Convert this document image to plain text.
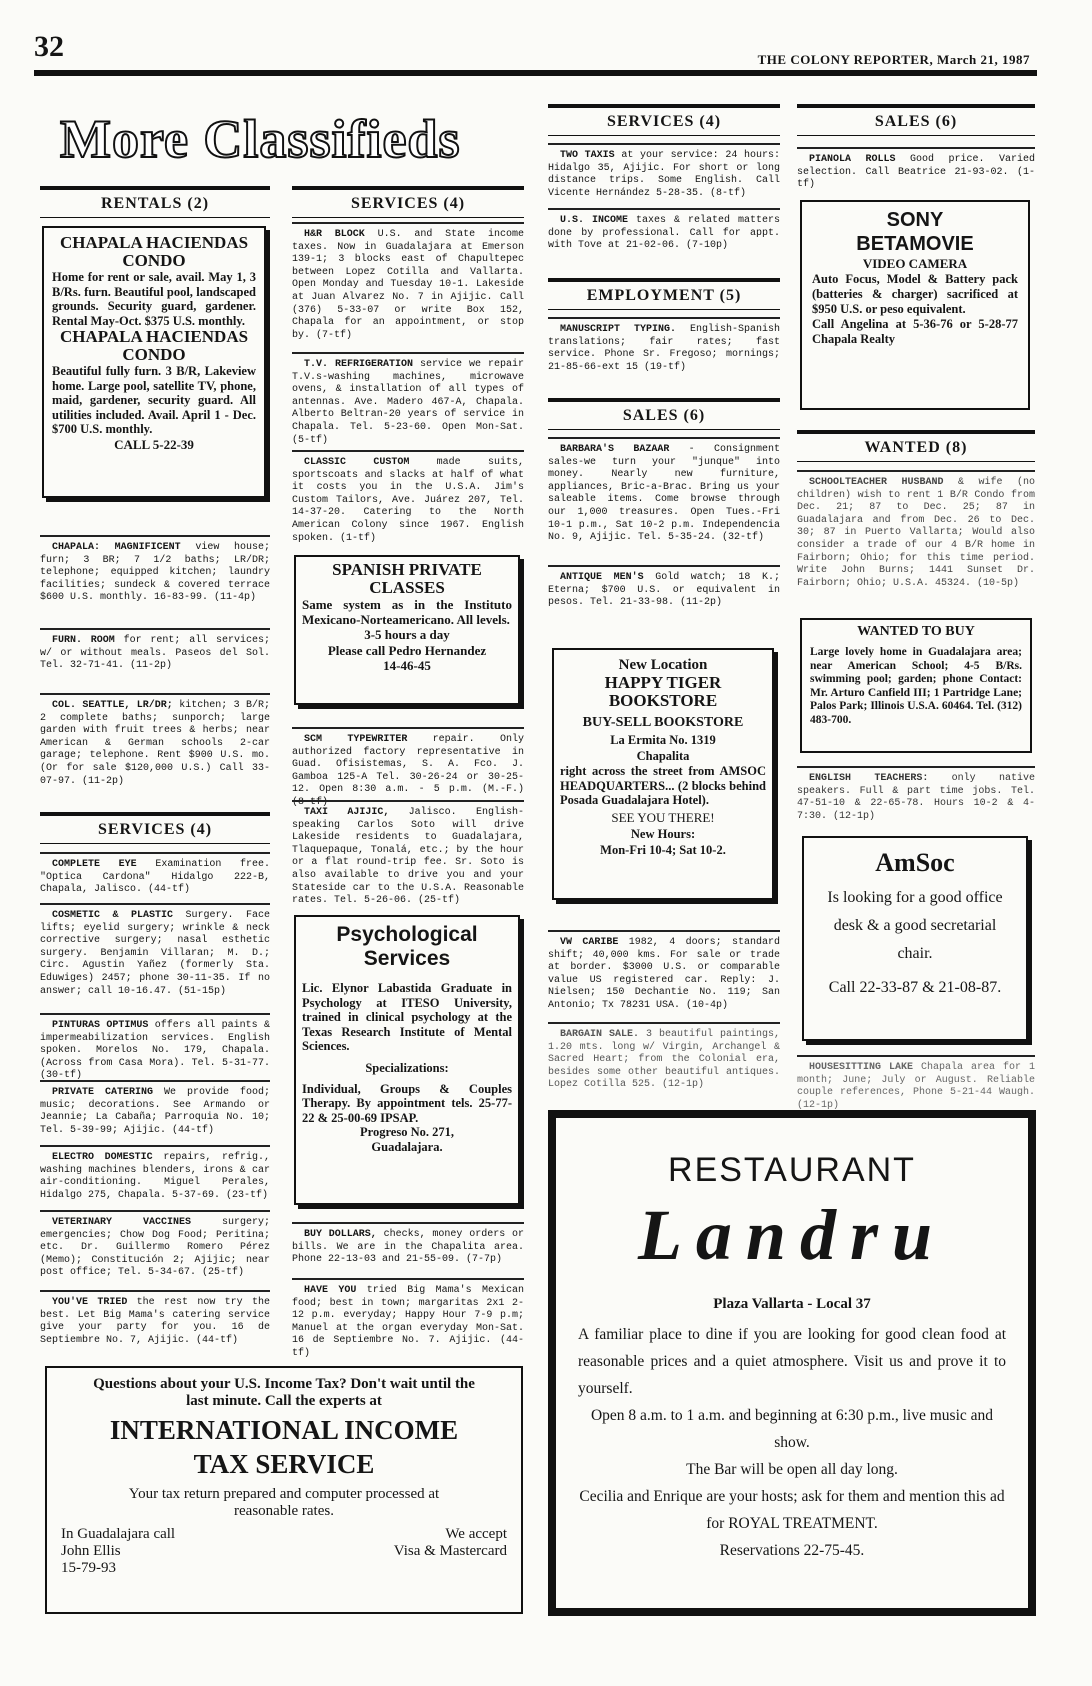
32	THE COLONY REPORTER, March 21, 1987
More Classifieds
RENTALS (2)
CHAPALA HACIENDAS CONDO
Home for rent or sale, avail. May 1, 3 B/Rs. furn. Beautiful pool, landscaped grounds. Security guard, gardener. Rental May-Oct. $375 U.S. monthly.
CHAPALA HACIENDAS CONDO
Beautiful fully furn. 3 B/R, Lakeview home. Large pool, satellite TV, phone, maid, gardener, security guard. All utilities included. Avail. April 1 - Dec. $700 U.S. monthly.
CALL 5-22-39

CHAPALA: MAGNIFICENT view house; furn; 3 BR; 7 1/2 baths; LR/DR; telephone; equipped kitchen; laundry facilities; sundeck & covered terrace $600 U.S. monthly. 16-83-99. (11-4p)

FURN. ROOM for rent; all services; w/ or without meals. Paseos del Sol. Tel. 32-71-41. (11-2p)

COL. SEATTLE, LR/DR; kitchen; 3 B/R; 2 complete baths; sunporch; large garden with fruit trees & herbs; near American & German schools 2-car garage; telephone. Rent $900 U.S. mo. (Or for sale $120,000 U.S.) Call 33-07-97. (11-2p)

SERVICES (4)

COMPLETE EYE Examination free. "Optica Cardona" Hidalgo 222-B, Chapala, Jalisco. (44-tf)

COSMETIC & PLASTIC Surgery. Face lifts; eyelid surgery; wrinkle & neck corrective surgery; nasal esthetic surgery. Benjamin Villaran; M. D.; Circ. Agustin Yañez (formerly Sta. Eduwiges) 2457; phone 30-11-35. If no answer; call 10-16.47. (51-15p)

PINTURAS OPTIMUS offers all paints & impermeabilization services. English spoken. Morelos No. 179, Chapala. (Across from Casa Mora). Tel. 5-31-77. (30-tf)

PRIVATE CATERING We provide food; music; decorations. See Armando or Jeannie; La Cabaña; Parroquia No. 10; Tel. 5-39-99; Ajijic. (44-tf)

ELECTRO DOMESTIC repairs, refrig., washing machines blenders, irons & car air-conditioning. Miguel Perales, Hidalgo 275, Chapala. 5-37-69. (23-tf)

VETERINARY VACCINES	surgery; emergencies; Chow Dog Food; Peritina; etc. Dr. Guillermo Romero Pérez (Memo); Constitución 2; Ajijic; near post office; Tel. 5-34-67. (25-tf)

YOU'VE TRIED the rest now try the best. Let Big Mama's catering service give your party for you. 16 de Septiembre No. 7, Ajijic. (44-tf)

SERVICES (4)

H&R BLOCK U.S. and State income taxes. Now in Guadalajara at Emerson 139-1; 3 blocks east of Chapultepec between Lopez Cotilla and Vallarta. Open Monday and Tuesday 10-1. Lakeside at Juan Alvarez No. 7 in Ajijic. Call (376) 5-33-07 or write Box 152, Chapala for an appointment, or stop by. (7-tf)

T.V. REFRIGERATION service we repair T.V.s-washing machines, microwave ovens, & installation of all types of antennas. Ave. Madero 467-A, Chapala. Alberto Beltran-20 years of service in Chapala. Tel. 5-23-60. Open Mon-Sat. (5-tf)

CLASSIC CUSTOM	made suits, sportscoats and slacks at half of what it costs you in the U.S.A. Jim's Custom Tailors, Ave. Juárez 207, Tel. 14-37-20. Catering to the North American Colony since 1967. English spoken. (1-tf)

SPANISH PRIVATE CLASSES
Same system as in the Instituto Mexicano-Norteamericano. All levels.
3-5 hours a day
Please call Pedro Hernandez
14-46-45

SCM TYPEWRITER	repair. Only authorized factory representative in Guad. Ofisistemas, S. A. Fco. J. Gamboa 125-A Tel. 30-26-24 or 30-25-12. Open 8:30 a.m. - 5 p.m. (M.-F.) (8-tf)

TAXI AJIJIC, Jalisco. English-speaking Carlos Soto will drive Lakeside residents to Guadalajara, Tlaquepaque, Tonalá, etc.; by the hour or a flat round-trip fee. Sr. Soto is also available to drive you and your Stateside car to the U.S.A. Reasonable rates. Tel. 5-26-06. (25-tf)

Psychological Services
Lic. Elynor Labastida Graduate in Psychology at ITESO University, trained in clinical psychology at the Texas Research Institute of Mental Sciences.
Specializations:
Individual, Groups & Couples Therapy. By appointment tels. 25-77-22 & 25-00-69 IPSAP.
Progreso No. 271, Guadalajara.

BUY DOLLARS, checks, money orders or bills. We are in the Chapalita area. Phone 22-13-03 and 21-55-09. (7-7p)

HAVE YOU tried Big Mama's Mexican food; best in town; margaritas 2x1 2-12 p.m. everyday; Happy Hour 7-9 p.m; Manuel at the organ everyday Mon-Sat. 16 de Septiembre No. 7. Ajijic. (44-tf)

Questions about your U.S. Income Tax? Don't wait until the last minute. Call the experts at
INTERNATIONAL INCOME
TAX SERVICE
Your tax return prepared and computer processed at reasonable rates.
In Guadalajara call
John Ellis
15-79-93
We accept
Visa & Mastercard
SERVICES (4)

TWO TAXIS at your service: 24 hours: Hidalgo 35, Ajijic. For short or long distance trips. Some English. Call Vicente Hernández 5-28-35. (8-tf)

U.S. INCOME taxes & related matters done by professional. Call for appt. with Tove at 21-02-06. (7-10p)

EMPLOYMENT (5)

MANUSCRIPT TYPING. English-Spanish translations; fair rates; fast service. Phone Sr. Fregoso; mornings; 21-85-66-ext 15 (19-tf)

SALES (6)

BARBARA'S BAZAAR - Consignment sales-we turn your "junque" into money. Nearly new furniture, appliances, Bric-a-Brac. Bring us your saleable items. Come browse through our 1,000 treasures. Open Tues.-Fri 10-1 p.m., Sat 10-2 p.m. Independencia No. 9, Ajijic. Tel. 5-35-24. (32-tf)

ANTIQUE MEN'S Gold watch; 18 K.; Eterna; $700 U.S. or equivalent in pesos. Tel. 21-33-98. (11-2p)

New Location
HAPPY TIGER
BOOKSTORE
BUY-SELL BOOKSTORE
La Ermita No. 1319
Chapalita
right across the street from AMSOC HEADQUARTERS... (2 blocks behind Posada Guadalajara Hotel).
SEE YOU THERE!
New Hours:
Mon-Fri 10-4; Sat 10-2.

VW CARIBE 1982, 4 doors; standard shift; 40,000 kms. For sale or trade at border. $3000 U.S. or comparable value US registered car. Reply: J. Nielsen; 150 Dechantie No. 119; San Antonio; Tx 78231 USA. (10-4p)

BARGAIN SALE. 3 beautiful paintings, 1.20 mts. long w/ Virgin, Archangel & Sacred Heart; from the Colonial era, besides some other beautiful antiques. Lopez Cotilla 525. (12-1p)

SALES (6)

PIANOLA ROLLS Good price. Varied selection. Call Beatrice 21-93-02. (1-tf)

SONY
BETAMOVIE
VIDEO CAMERA
Auto Focus, Model & Battery pack (batteries & charger) sacrificed at $950 U.S. or peso equivalent.
Call Angelina at 5-36-76 or 5-28-77 Chapala Realty
WANTED (8)

SCHOOLTEACHER HUSBAND & wife (no children) wish to rent 1 B/R Condo from Dec. 21; 87 to Dec. 25; 87 in Guadalajara and from Dec. 26 to Dec. 30; 87 in Puerto Vallarta; Would also consider a trade of our 4 B/R home in Fairborn; Ohio; for this time period. Write John Burns; 1441 Sunset Dr. Fairborn; Ohio; U.S.A. 45324. (10-5p)

WANTED TO BUY
Large lovely home in Guadalajara area; near American School; 4-5 B/Rs. swimming pool; garden; phone Contact: Mr. Arturo Canfield III; 1 Partridge Lane; Palos Park; Illinois U.S.A. 60464. Tel. (312) 483-700.

ENGLISH TEACHERS: only native speakers. Full & part time jobs. Tel. 47-51-10 & 22-65-78. Hours 10-2 & 4-7:30. (12-1p)

AmSoc
Is looking for a good office desk & a good secretarial chair.
Call 22-33-87 & 21-08-87.

HOUSESITTING LAKE Chapala area for 1 month; June; July or August. Reliable couple references, Phone 5-21-44 Waugh. (12-1p)

RESTAURANT
Landru
Plaza Vallarta - Local 37
A familiar place to dine if you are looking for good clean food at reasonable prices and a quiet atmosphere. Visit us and prove it to yourself.
Open 8 a.m. to 1 a.m. and beginning at 6:30 p.m., live music and show.
The Bar will be open all day long.
Cecilia and Enrique are your hosts; ask for them and mention this ad for ROYAL TREATMENT.
Reservations 22-75-45.
